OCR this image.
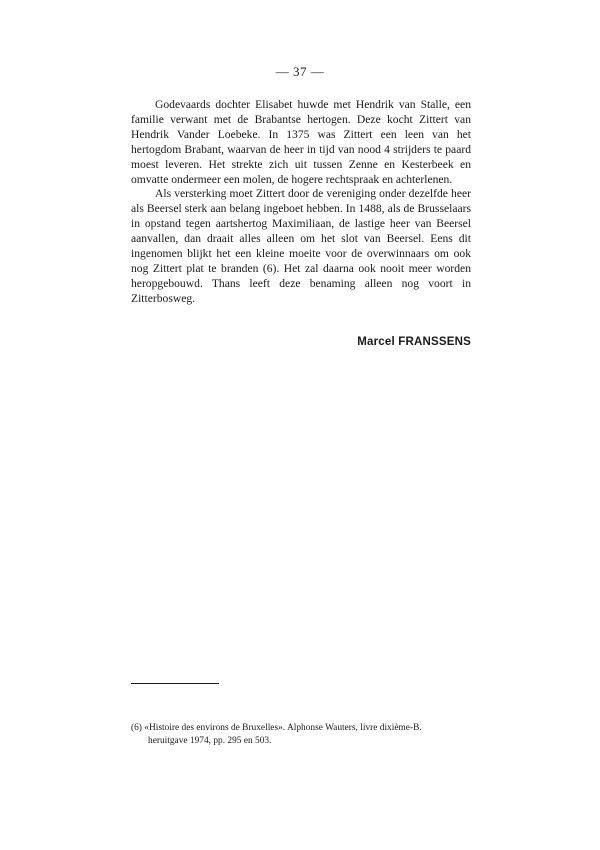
— 37 —

Godevaards dochter Elisabet huwde met Hendrik van Stalle, een familie verwant met de Brabantse hertogen. Deze kocht Zittert van Hendrik Vander Loebeke. In 1375 was Zittert een leen van het hertogdom Brabant, waarvan de heer in tijd van nood 4 strijders te paard moest leveren. Het strekte zich uit tussen Zenne en Kesterbeek en omvatte ondermeer een molen, de hogere rechtspraak en achterlenen.

Als versterking moet Zittert door de vereniging onder dezelfde heer als Beersel sterk aan belang ingeboet hebben. In 1488, als de Brusselaars in opstand tegen aartshertog Maximiliaan, de lastige heer van Beersel aanvallen, dan draait alles alleen om het slot van Beersel. Eens dit ingenomen blijkt het een kleine moeite voor de overwinnaars om ook nog Zittert plat te branden (6). Het zal daarna ook nooit meer worden heropgebouwd. Thans leeft deze benaming alleen nog voort in Zitterbosweg.

Marcel FRANSSENS
(6) «Histoire des environs de Bruxelles». Alphonse Wauters, livre dixième-B.
heruitgave 1974, pp. 295 en 503.
